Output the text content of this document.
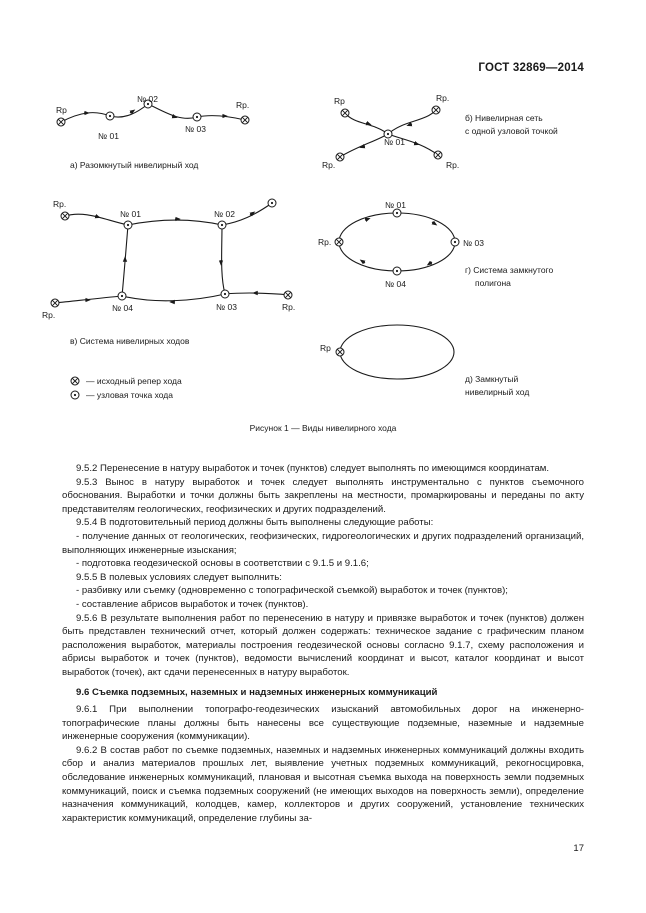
ГОСТ 32869—2014
Rp
№ 01
№ 02
№ 03
Rp.
а) Разомкнутый нивелирный ход
Rp	Rp.
№ 01
Rp.	Rp.
б) Нивелирная сеть
с одной узловой точкой
Rp.
№ 01	№ 02
№ 03
№ 04
Rp.
Rp.
в) Система нивелирных ходов
Rp.
№ 01
№ 03
№ 04
г) Система замкнутого
полигона
Rp
д) Замкнутый
нивелирный ход
— исходный репер хода
— узловая точка хода
Рисунок 1 — Виды нивелирного хода

9.5.2 Перенесение в натуру выработок и точек (пунктов) следует выполнять по имеющимся координатам.

9.5.3 Вынос в натуру выработок и точек следует выполнять инструментально с пунктов съемочного обоснования. Выработки и точки должны быть закреплены на местности, промаркированы и переданы по акту представителям геологических, геофизических и других подразделений.

9.5.4 В подготовительный период должны быть выполнены следующие работы:

- получение данных от геологических, геофизических, гидрогеологических и других подразделений организаций, выполняющих инженерные изыскания;

- подготовка геодезической основы в соответствии с 9.1.5 и 9.1.6;

9.5.5 В полевых условиях следует выполнить:

- разбивку или съемку (одновременно с топографической съемкой) выработок и точек (пунктов);

- составление абрисов выработок и точек (пунктов).

9.5.6 В результате выполнения работ по перенесению в натуру и привязке выработок и точек (пунктов) должен быть представлен технический отчет, который должен содержать: техническое задание с графическим планом расположения выработок, материалы построения геодезической основы согласно 9.1.7, схему расположения и абрисы выработок и точек (пунктов), ведомости вычислений координат и высот, каталог координат и высот выработок (точек), акт сдачи перенесенных в натуру выработок.

9.6 Съемка подземных, наземных и надземных инженерных коммуникаций

9.6.1 При выполнении топографо-геодезических изысканий автомобильных дорог на инженерно-топографические планы должны быть нанесены все существующие подземные, наземные и надземные инженерные сооружения (коммуникации).

9.6.2 В состав работ по съемке подземных, наземных и надземных инженерных коммуникаций должны входить сбор и анализ материалов прошлых лет, выявление учетных подземных коммуникаций, рекогносцировка, обследование инженерных коммуникаций, плановая и высотная съемка выхода на поверхность земли подземных коммуникаций, поиск и съемка подземных сооружений (не имеющих выходов на поверхность земли), определение назначения коммуникаций, колодцев, камер, коллекторов и других сооружений, установление технических характеристик коммуникаций, определение глубины за-

17
